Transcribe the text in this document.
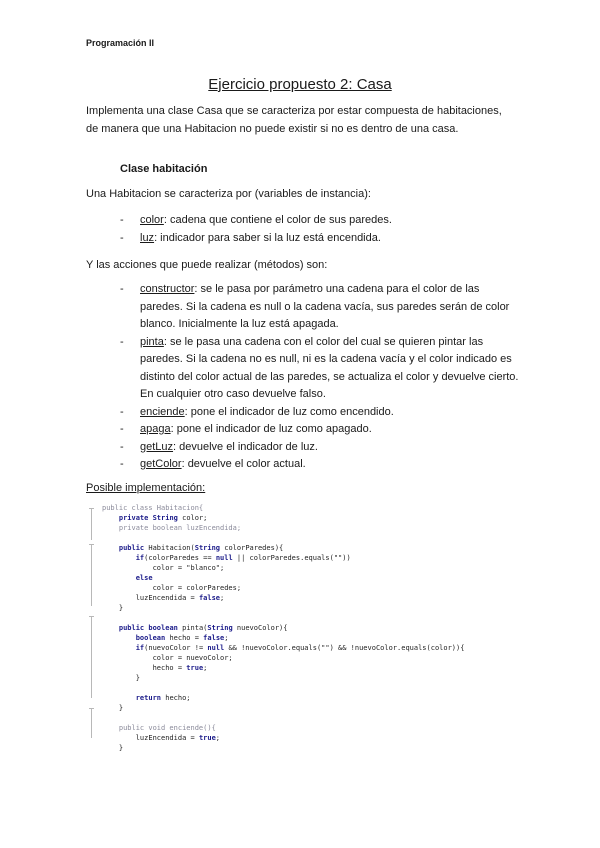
Programación II
Ejercicio propuesto 2: Casa
Implementa una clase Casa que se caracteriza por estar compuesta de habitaciones, de manera que una Habitacion no puede existir si no es dentro de una casa.
Clase habitación
Una Habitacion se caracteriza por (variables de instancia):
- color: cadena que contiene el color de sus paredes.
- luz: indicador para saber si la luz está encendida.
Y las acciones que puede realizar (métodos) son:
- constructor: se le pasa por parámetro una cadena para el color de las paredes. Si la cadena es null o la cadena vacía, sus paredes serán de color blanco. Inicialmente la luz está apagada.
- pinta: se le pasa una cadena con el color del cual se quieren pintar las paredes. Si la cadena no es null, ni es la cadena vacía y el color indicado es distinto del color actual de las paredes, se actualiza el color y devuelve cierto. En cualquier otro caso devuelve falso.
- enciende: pone el indicador de luz como encendido.
- apaga: pone el indicador de luz como apagado.
- getLuz: devuelve el indicador de luz.
- getColor: devuelve el color actual.
Posible implementación:
public class Habitacion{
private String color;
private boolean luzEncendida;
public Habitacion(String colorParedes){
if(colorParedes == null || colorParedes.equals(""))
color = "blanco";
else
color = colorParedes;
luzEncendida = false;
}
public boolean pinta(String nuevoColor){
boolean hecho = false;
if(nuevoColor != null && !nuevoColor.equals("") && !nuevoColor.equals(color)){
color = nuevoColor;
hecho = true;
}
return hecho;
}
public void enciende(){
luzEncendida = true;
}
